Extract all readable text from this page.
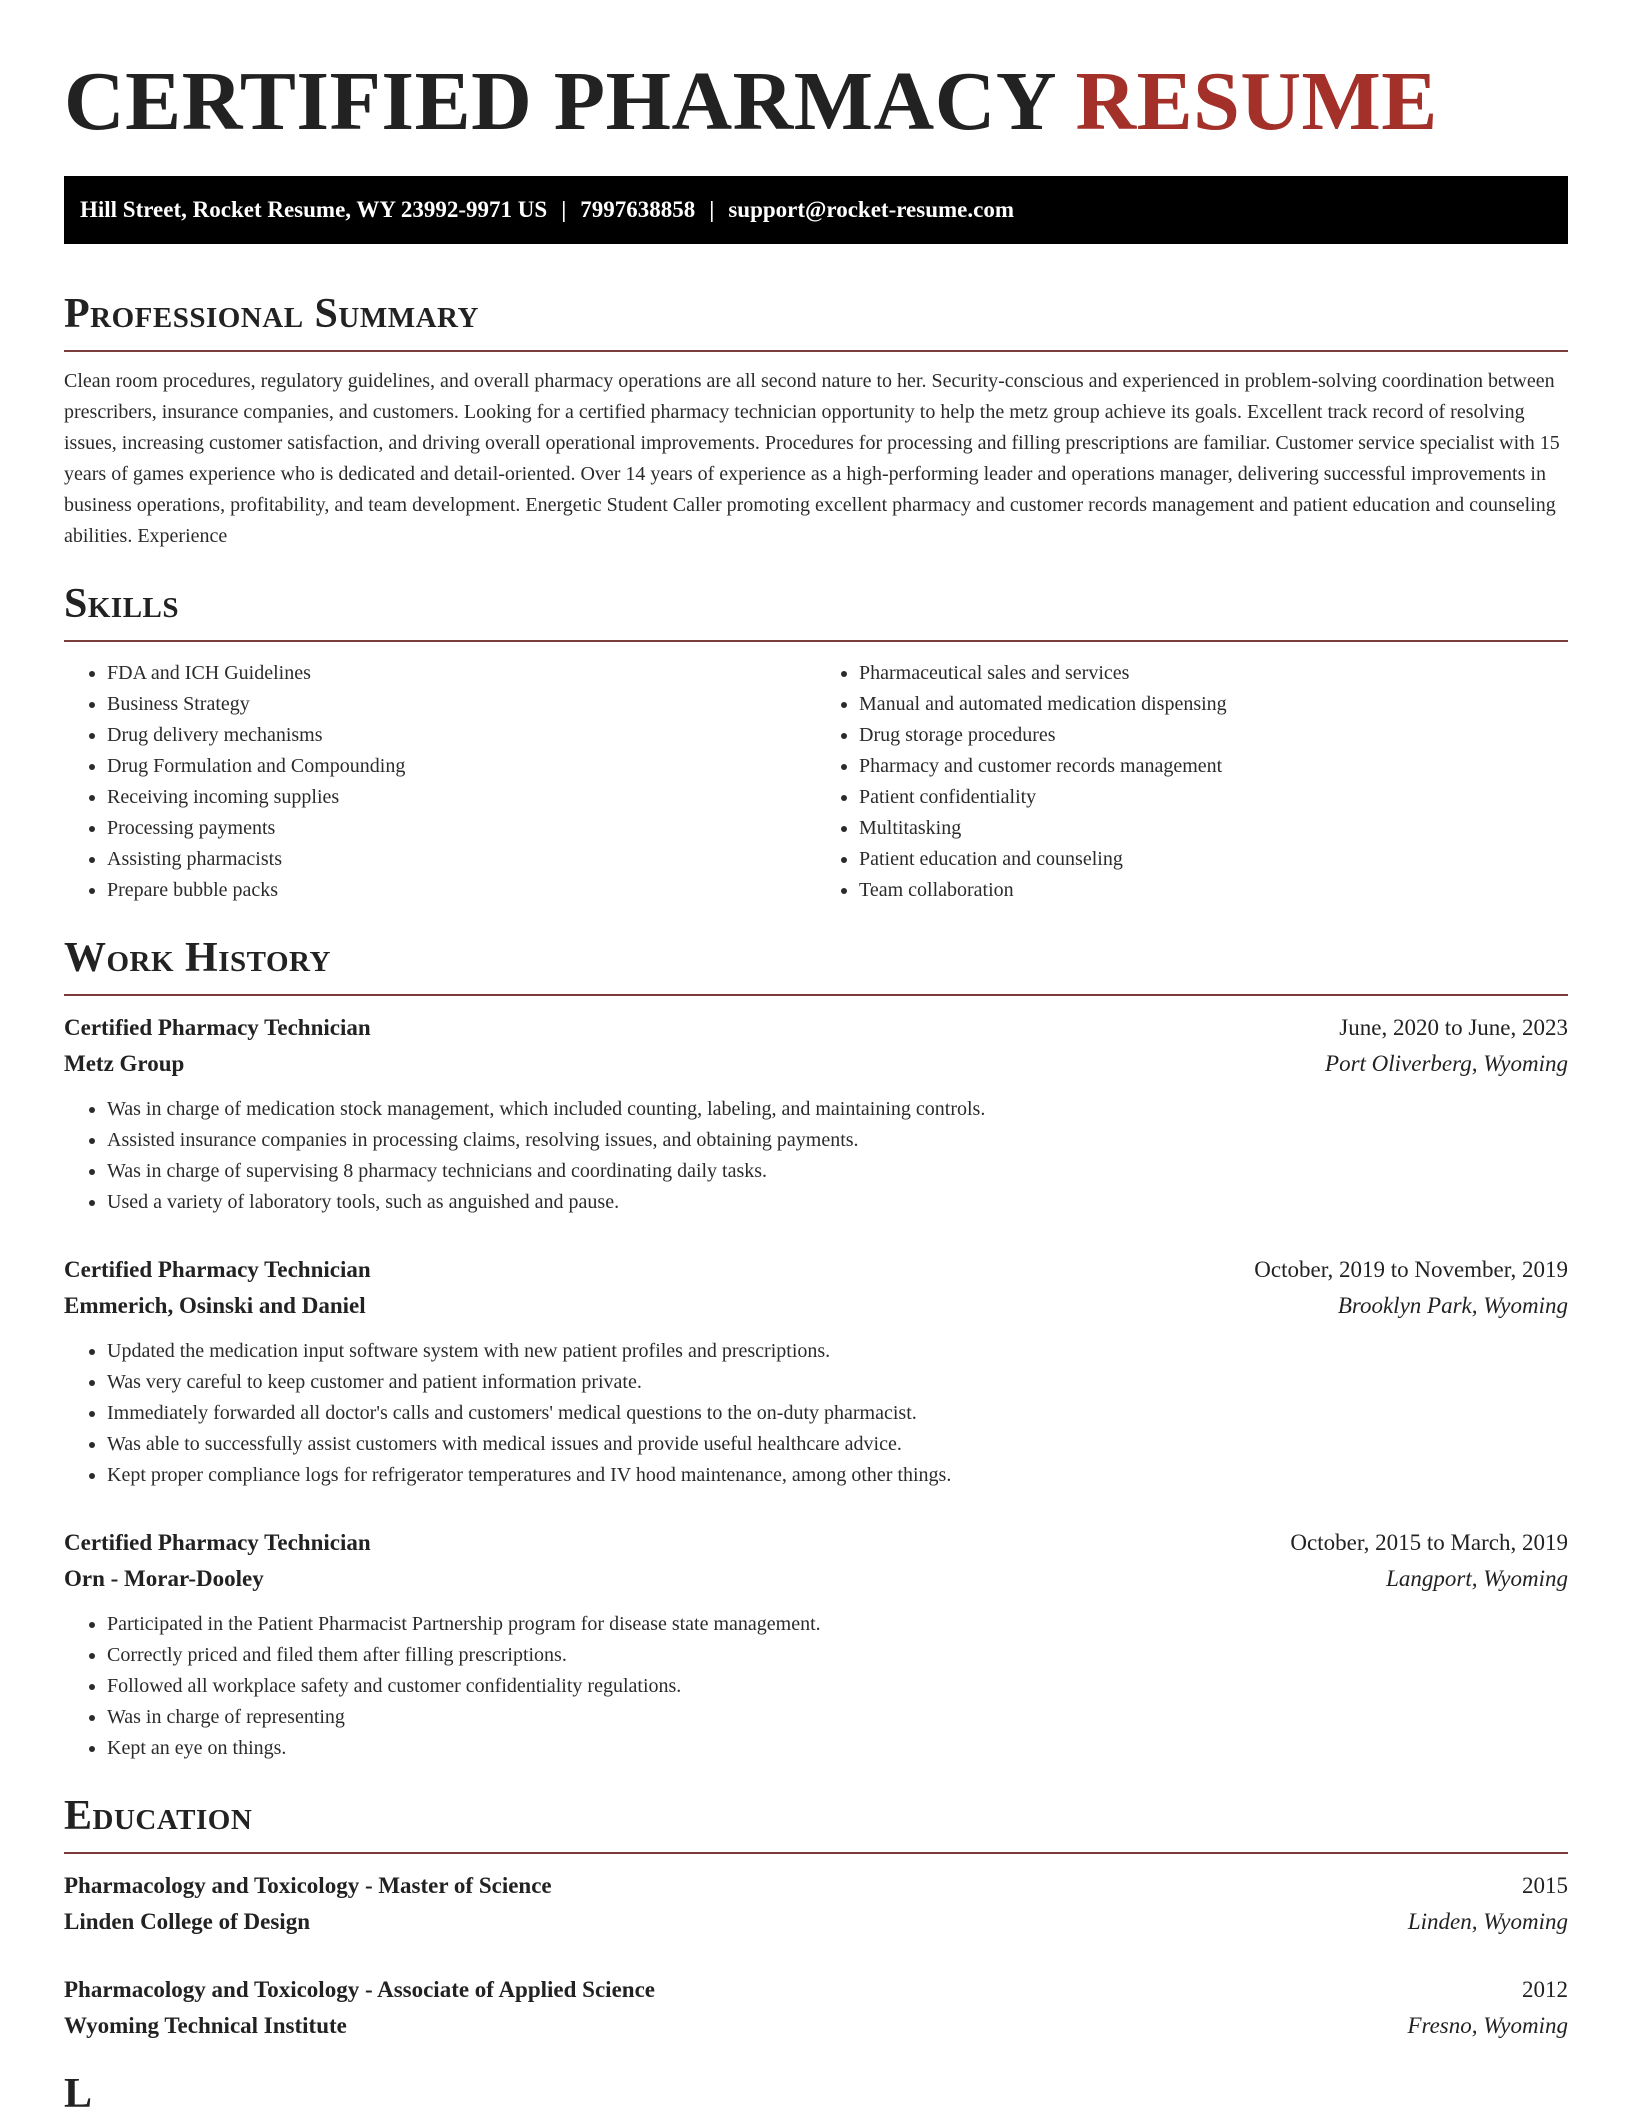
CERTIFIED PHARMACY RESUME
Hill Street, Rocket Resume, WY 23992-9971 US | 7997638858 | support@rocket-resume.com
Professional Summary

Clean room procedures, regulatory guidelines, and overall pharmacy operations are all second nature to her. Security-conscious and experienced in problem-solving coordination between prescribers, insurance companies, and customers. Looking for a certified pharmacy technician opportunity to help the metz group achieve its goals. Excellent track record of resolving issues, increasing customer satisfaction, and driving overall operational improvements. Procedures for processing and filling prescriptions are familiar. Customer service specialist with 15 years of games experience who is dedicated and detail-oriented. Over 14 years of experience as a high-performing leader and operations manager, delivering successful improvements in business operations, profitability, and team development. Energetic Student Caller promoting excellent pharmacy and customer records management and patient education and counseling abilities. Experience

Skills
• FDA and ICH Guidelines
• Business Strategy
• Drug delivery mechanisms
• Drug Formulation and Compounding
• Receiving incoming supplies
• Processing payments
• Assisting pharmacists
• Prepare bubble packs
• Pharmaceutical sales and services
• Manual and automated medication dispensing
• Drug storage procedures
• Pharmacy and customer records management
• Patient confidentiality
• Multitasking
• Patient education and counseling
• Team collaboration
Work History
Certified Pharmacy Technician	June, 2020 to June, 2023
Metz Group	Port Oliverberg, Wyoming
• Was in charge of medication stock management, which included counting, labeling, and maintaining controls.
• Assisted insurance companies in processing claims, resolving issues, and obtaining payments.
• Was in charge of supervising 8 pharmacy technicians and coordinating daily tasks.
• Used a variety of laboratory tools, such as anguished and pause.
Certified Pharmacy Technician	October, 2019 to November, 2019
Emmerich, Osinski and Daniel	Brooklyn Park, Wyoming
• Updated the medication input software system with new patient profiles and prescriptions.
• Was very careful to keep customer and patient information private.
• Immediately forwarded all doctor's calls and customers' medical questions to the on-duty pharmacist.
• Was able to successfully assist customers with medical issues and provide useful healthcare advice.
• Kept proper compliance logs for refrigerator temperatures and IV hood maintenance, among other things.
Certified Pharmacy Technician	October, 2015 to March, 2019
Orn - Morar-Dooley	Langport, Wyoming
• Participated in the Patient Pharmacist Partnership program for disease state management.
• Correctly priced and filed them after filling prescriptions.
• Followed all workplace safety and customer confidentiality regulations.
• Was in charge of representing
• Kept an eye on things.
Education
Pharmacology and Toxicology - Master of Science	2015
Linden College of Design	Linden, Wyoming
Pharmacology and Toxicology - Associate of Applied Science	2012
Wyoming Technical Institute	Fresno, Wyoming
L
